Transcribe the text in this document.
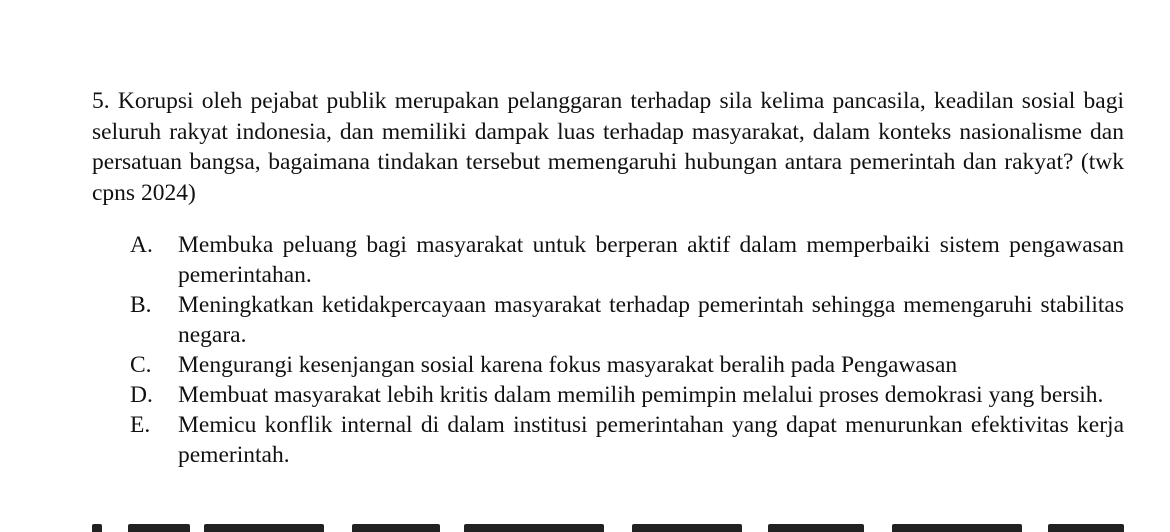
5. Korupsi oleh pejabat publik merupakan pelanggaran terhadap sila kelima pancasila, keadilan sosial bagi seluruh rakyat indonesia, dan memiliki dampak luas terhadap masyarakat, dalam konteks nasionalisme dan persatuan bangsa, bagaimana tindakan tersebut memengaruhi hubungan antara pemerintah dan rakyat? (twk cpns 2024)

A. Membuka peluang bagi masyarakat untuk berperan aktif dalam memperbaiki sistem pengawasan pemerintahan.
B. Meningkatkan ketidakpercayaan masyarakat terhadap pemerintah sehingga memengaruhi stabilitas negara.
C. Mengurangi kesenjangan sosial karena fokus masyarakat beralih pada Pengawasan
D. Membuat masyarakat lebih kritis dalam memilih pemimpin melalui proses demokrasi yang bersih.
E. Memicu konflik internal di dalam institusi pemerintahan yang dapat menurunkan efektivitas kerja pemerintah.
